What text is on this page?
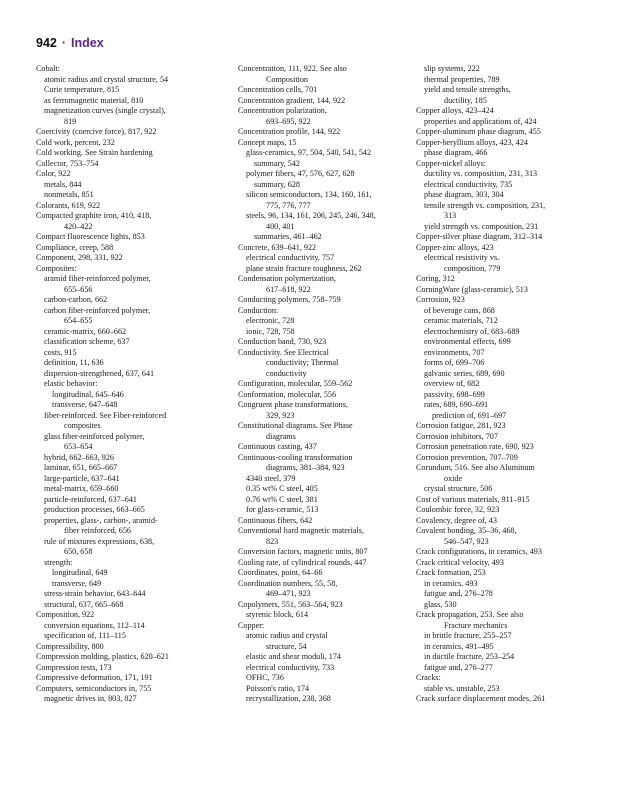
942 · Index
Cobalt:
atomic radius and crystal structure, 54
Curie temperature, 815
as ferromagnetic material, 810
magnetization curves (single crystal),
819
Coercivity (coercive force), 817, 922
Cold work, percent, 232
Cold working. See Strain hardening
Collector, 753–754
Color, 922
metals, 844
nonmetals, 851
Colorants, 619, 922
Compacted graphite iron, 410, 418,
420–422
Compact fluorescence lights, 853
Compliance, creep, 588
Component, 298, 331, 922
Composites:
aramid fiber-reinforced polymer,
655–656
carbon-carbon, 662
carbon fiber-reinforced polymer,
654–655
ceramic-matrix, 660–662
classification scheme, 637
costs, 915
definition, 11, 636
dispersion-strengthened, 637, 641
elastic behavior:
longitudinal, 645–646
transverse, 647–648
fiber-reinforced. See Fiber-reinforced
composites
glass fiber-reinforced polymer,
653–654
hybrid, 662–663, 926
laminar, 651, 665–667
large-particle, 637–641
metal-matrix, 659–660
particle-reinforced, 637–641
production processes, 663–665
properties, glass-, carbon-, aramid-
fiber reinforced, 656
rule of mixtures expressions, 638,
650, 658
strength:
longitudinal, 649
transverse, 649
stress-strain behavior, 643–644
structural, 637, 665–668
Composition, 922
conversion equations, 112–114
specification of, 111–115
Compressibility, 800
Compression molding, plastics, 620–621
Compression tests, 173
Compressive deformation, 171, 191
Computers, semiconductors in, 755
magnetic drives in, 803, 827
Concentration, 111, 922. See also
Composition
Concentration cells, 701
Concentration gradient, 144, 922
Concentration polarization,
693–695, 922
Concentration profile, 144, 922
Concept maps, 15
glass-ceramics, 97, 504, 540, 541, 542
summary, 542
polymer fibers, 47, 576, 627, 628
summary, 628
silicon semiconductors, 134, 160, 161,
775, 776, 777
steels, 96, 134, 161, 206, 245, 246, 348,
400, 401
summaries, 461–462
Concrete, 639–641, 922
electrical conductivity, 757
plane strain fracture toughness, 262
Condensation polymerization,
617–618, 922
Conducting polymers, 758–759
Conduction:
electronic, 728
ionic, 728, 758
Conduction band, 730, 923
Conductivity. See Electrical
conductivity; Thermal
conductivity
Configuration, molecular, 559–562
Conformation, molecular, 556
Congruent phase transformations,
329, 923
Constitutional diagrams. See Phase
diagrams
Continuous casting, 437
Continuous-cooling transformation
diagrams, 381–384, 923
4340 steel, 379
0.35 wt% C steel, 405
0.76 wt% C steel, 381
for glass-ceramic, 513
Continuous fibers, 642
Conventional hard magnetic materials,
823
Conversion factors, magnetic units, 807
Cooling rate, of cylindrical rounds, 447
Coordinates, point, 64–66
Coordination numbers, 55, 58,
469–471, 923
Copolymers, 551, 563–564, 923
styrenic block, 614
Copper:
atomic radius and crystal
structure, 54
elastic and shear moduli, 174
electrical conductivity, 733
OFHC, 736
Poisson's ratio, 174
recrystallization, 238, 368
slip systems, 222
thermal properties, 789
yield and tensile strengths,
ductility, 185
Copper alloys, 423–424
properties and applications of, 424
Copper-aluminum phase diagram, 455
Copper-beryllium alloys, 423, 424
phase diagram, 466
Copper-nickel alloys:
ductility vs. composition, 231, 313
electrical conductivity, 735
phase diagram, 303, 304
tensile strength vs. composition, 231,
313
yield strength vs. composition, 231
Copper-silver phase diagram, 312–314
Copper-zinc alloys, 423
electrical resistivity vs.
composition, 779
Coring, 312
CorningWare (glass-ceramic), 513
Corrosion, 923
of beverage cans, 868
ceramic materials, 712
electrochemistry of, 683–689
environmental effects, 699
environments, 707
forms of, 699–706
galvanic series, 689, 690
overview of, 682
passivity, 698–699
rates, 689, 690–691
prediction of, 691–697
Corrosion fatigue, 281, 923
Corrosion inhibitors, 707
Corrosion penetration rate, 690, 923
Corrosion prevention, 707–709
Corundum, 516. See also Aluminum
oxide
crystal structure, 506
Cost of various materials, 911–915
Coulombic force, 32, 923
Covalency, degree of, 43
Covalent bonding, 35–36, 468,
546–547, 923
Crack configurations, in ceramics, 493
Crack critical velocity, 493
Crack formation, 253
in ceramics, 493
fatigue and, 276–278
glass, 530
Crack propagation, 253. See also
Fracture mechanics
in brittle fracture, 255–257
in ceramics, 491–495
in ductile fracture, 253–254
fatigue and, 276–277
Cracks:
stable vs. unstable, 253
Crack surface displacement modes, 261
